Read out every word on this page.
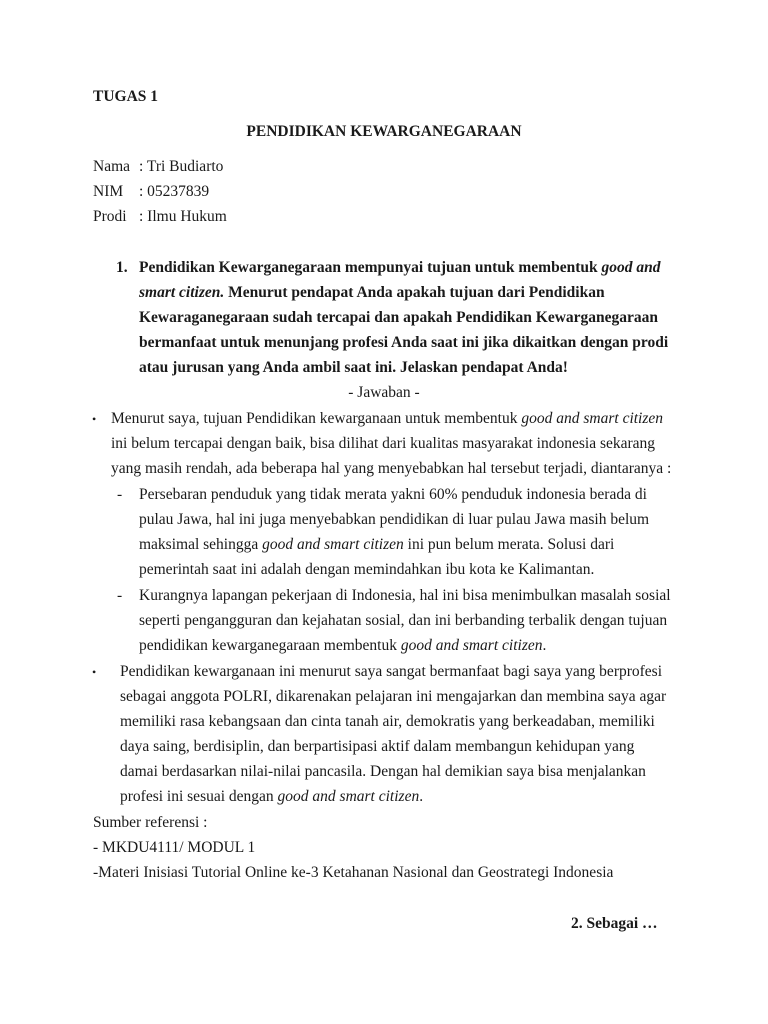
TUGAS 1
PENDIDIKAN KEWARGANEGARAAN
Nama : Tri Budiarto
NIM : 05237839
Prodi : Ilmu Hukum
1. Pendidikan Kewarganegaraan mempunyai tujuan untuk membentuk good and
smart citizen. Menurut pendapat Anda apakah tujuan dari Pendidikan
Kewaraganegaraan sudah tercapai dan apakah Pendidikan Kewarganegaraan
bermanfaat untuk menunjang profesi Anda saat ini jika dikaitkan dengan prodi
atau jurusan yang Anda ambil saat ini. Jelaskan pendapat Anda!
- Jawaban -
• Menurut saya, tujuan Pendidikan kewarganaan untuk membentuk good and smart citizen
ini belum tercapai dengan baik, bisa dilihat dari kualitas masyarakat indonesia sekarang
yang masih rendah, ada beberapa hal yang menyebabkan hal tersebut terjadi, diantaranya :
- Persebaran penduduk yang tidak merata yakni 60% penduduk indonesia berada di
pulau Jawa, hal ini juga menyebabkan pendidikan di luar pulau Jawa masih belum
maksimal sehingga good and smart citizen ini pun belum merata. Solusi dari
pemerintah saat ini adalah dengan memindahkan ibu kota ke Kalimantan.
- Kurangnya lapangan pekerjaan di Indonesia, hal ini bisa menimbulkan masalah sosial
seperti pengangguran dan kejahatan sosial, dan ini berbanding terbalik dengan tujuan
pendidikan kewarganegaraan membentuk good and smart citizen.
• Pendidikan kewarganaan ini menurut saya sangat bermanfaat bagi saya yang berprofesi
sebagai anggota POLRI, dikarenakan pelajaran ini mengajarkan dan membina saya agar
memiliki rasa kebangsaan dan cinta tanah air, demokratis yang berkeadaban, memiliki
daya saing, berdisiplin, dan berpartisipasi aktif dalam membangun kehidupan yang
damai berdasarkan nilai-nilai pancasila. Dengan hal demikian saya bisa menjalankan
profesi ini sesuai dengan good and smart citizen.
Sumber referensi :
- MKDU4111/ MODUL 1
-Materi Inisiasi Tutorial Online ke-3 Ketahanan Nasional dan Geostrategi Indonesia
2. Sebagai …
